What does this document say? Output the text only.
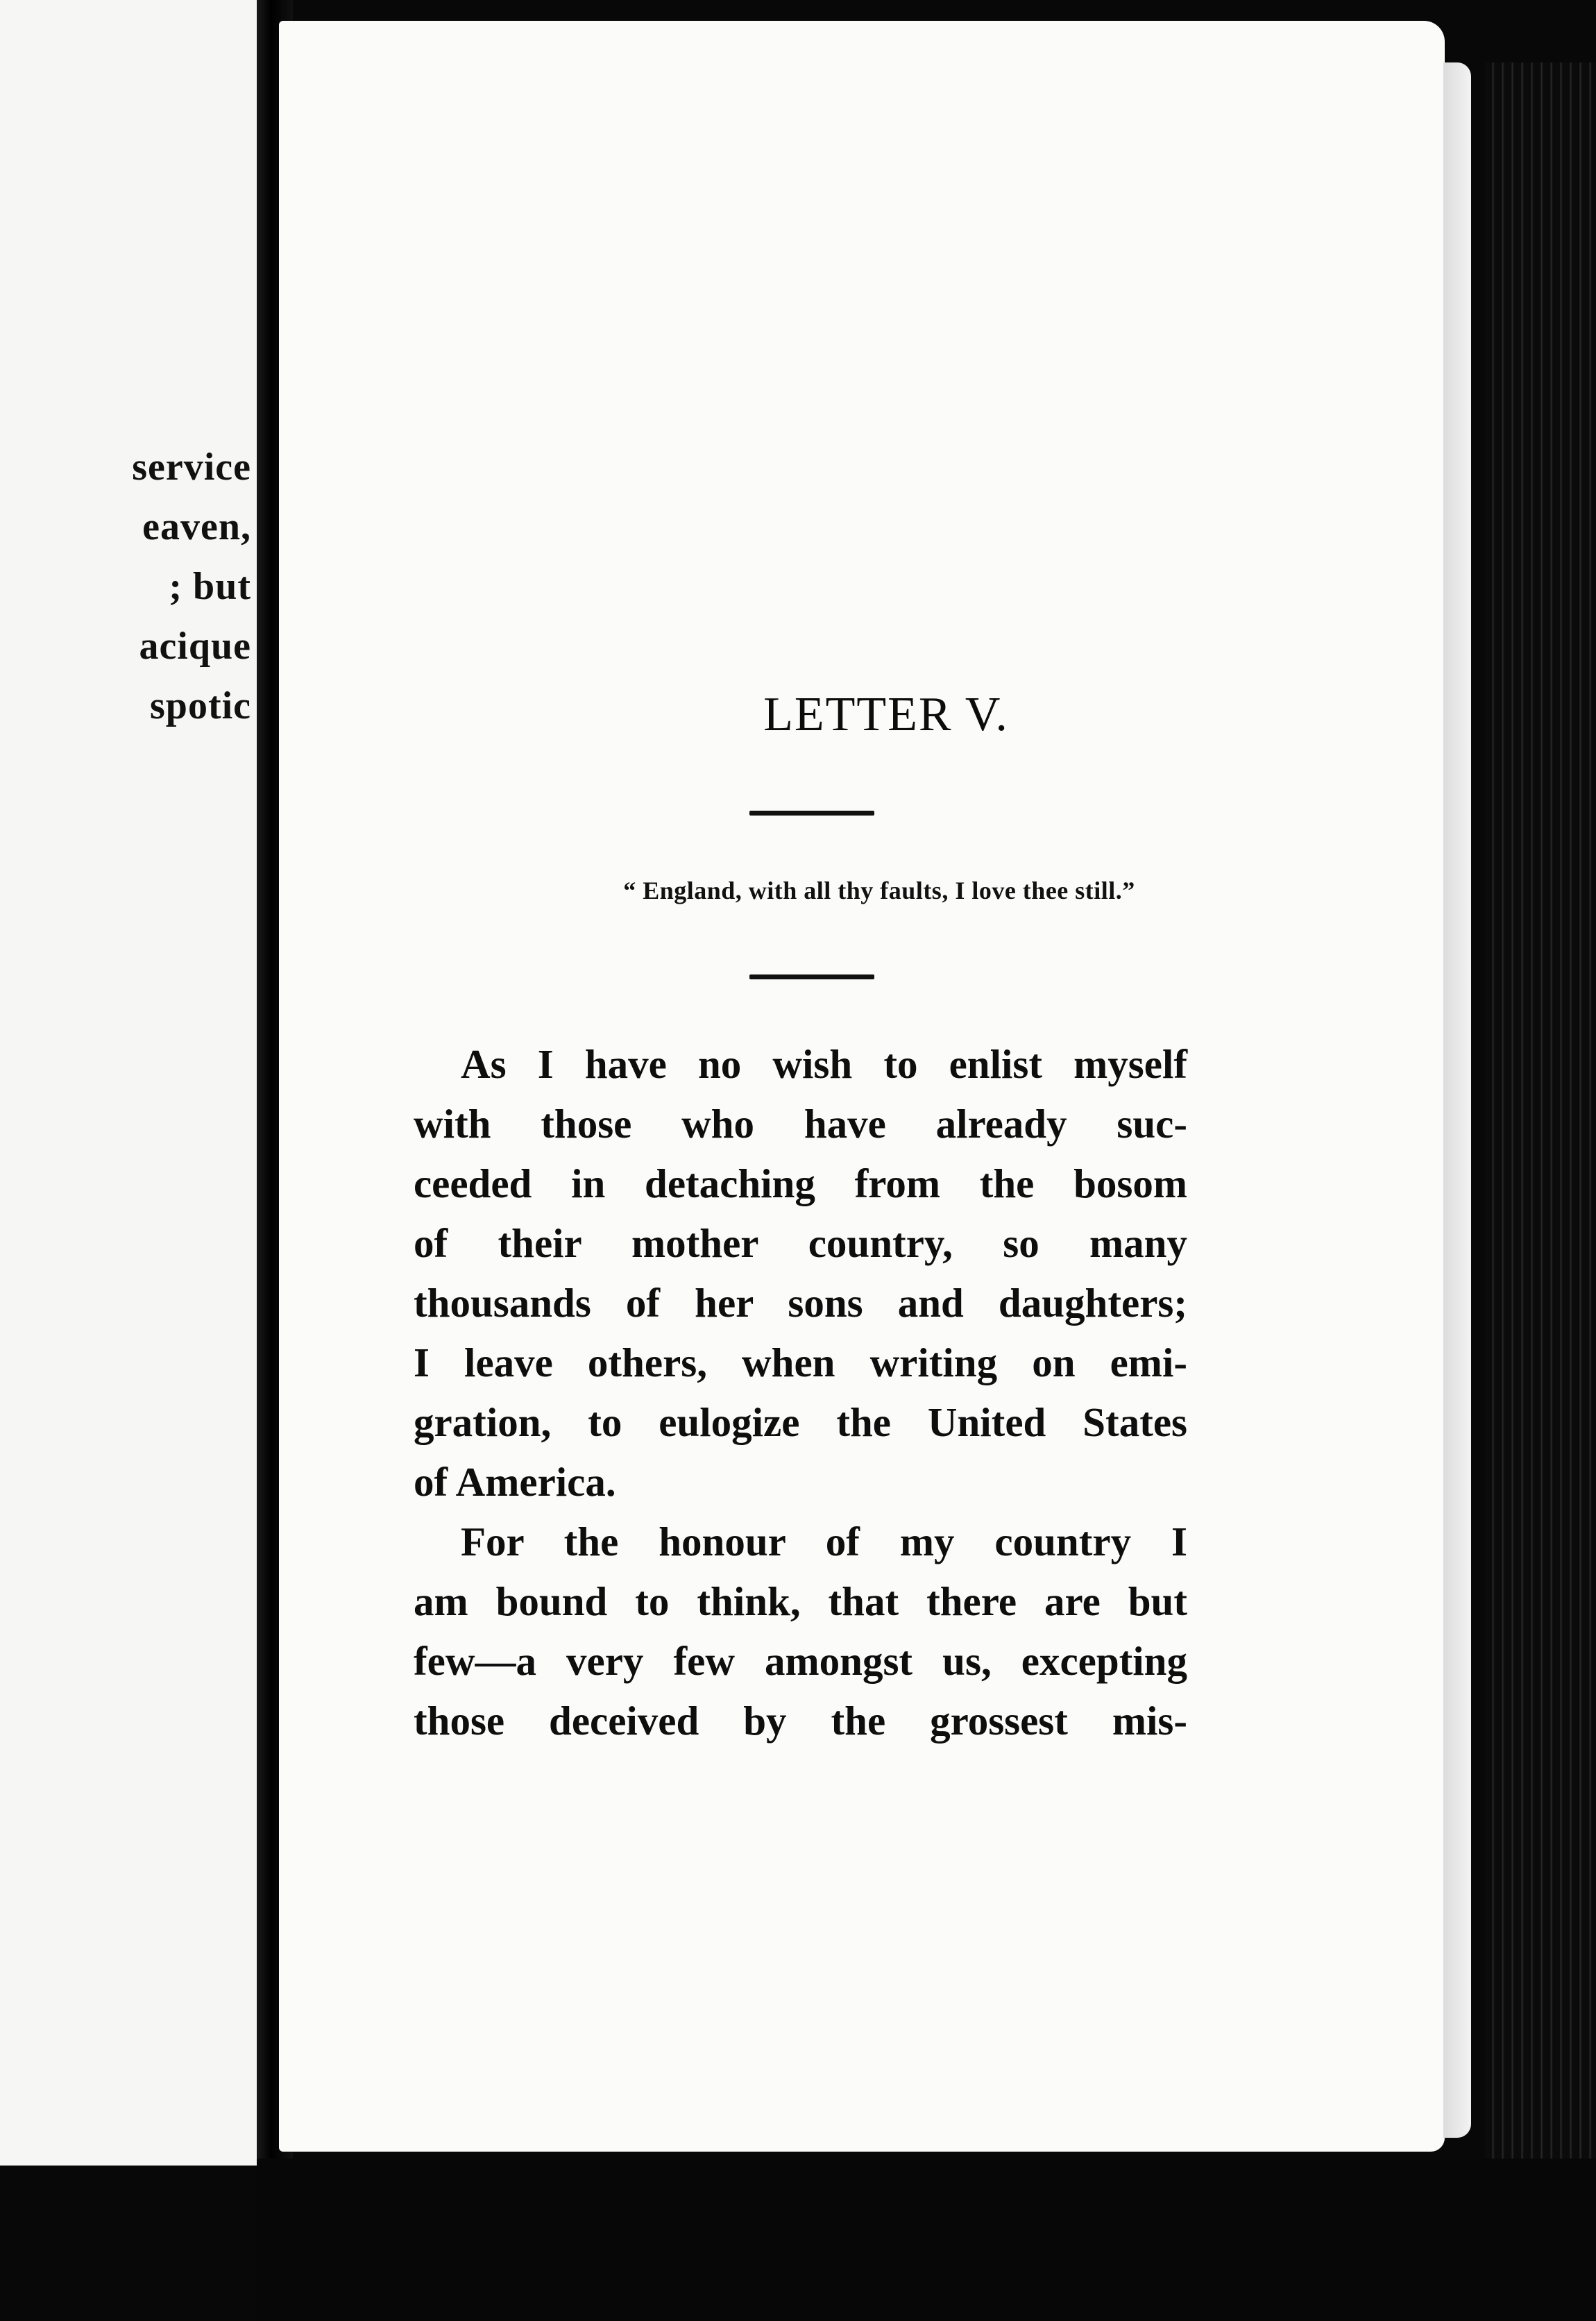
service
eaven,
; but
acique
spotic	LETTER V.
“ England, with all thy faults, I love thee still.”
As I have no wish to enlist myself
with those who have already suc-
ceeded in detaching from the bosom
of their mother country, so many
thousands of her sons and daughters;
I leave others, when writing on emi-
gration, to eulogize the United States
of America.
For the honour of my country I
am bound to think, that there are but
few—a very few amongst us, excepting
those deceived by the grossest mis-
